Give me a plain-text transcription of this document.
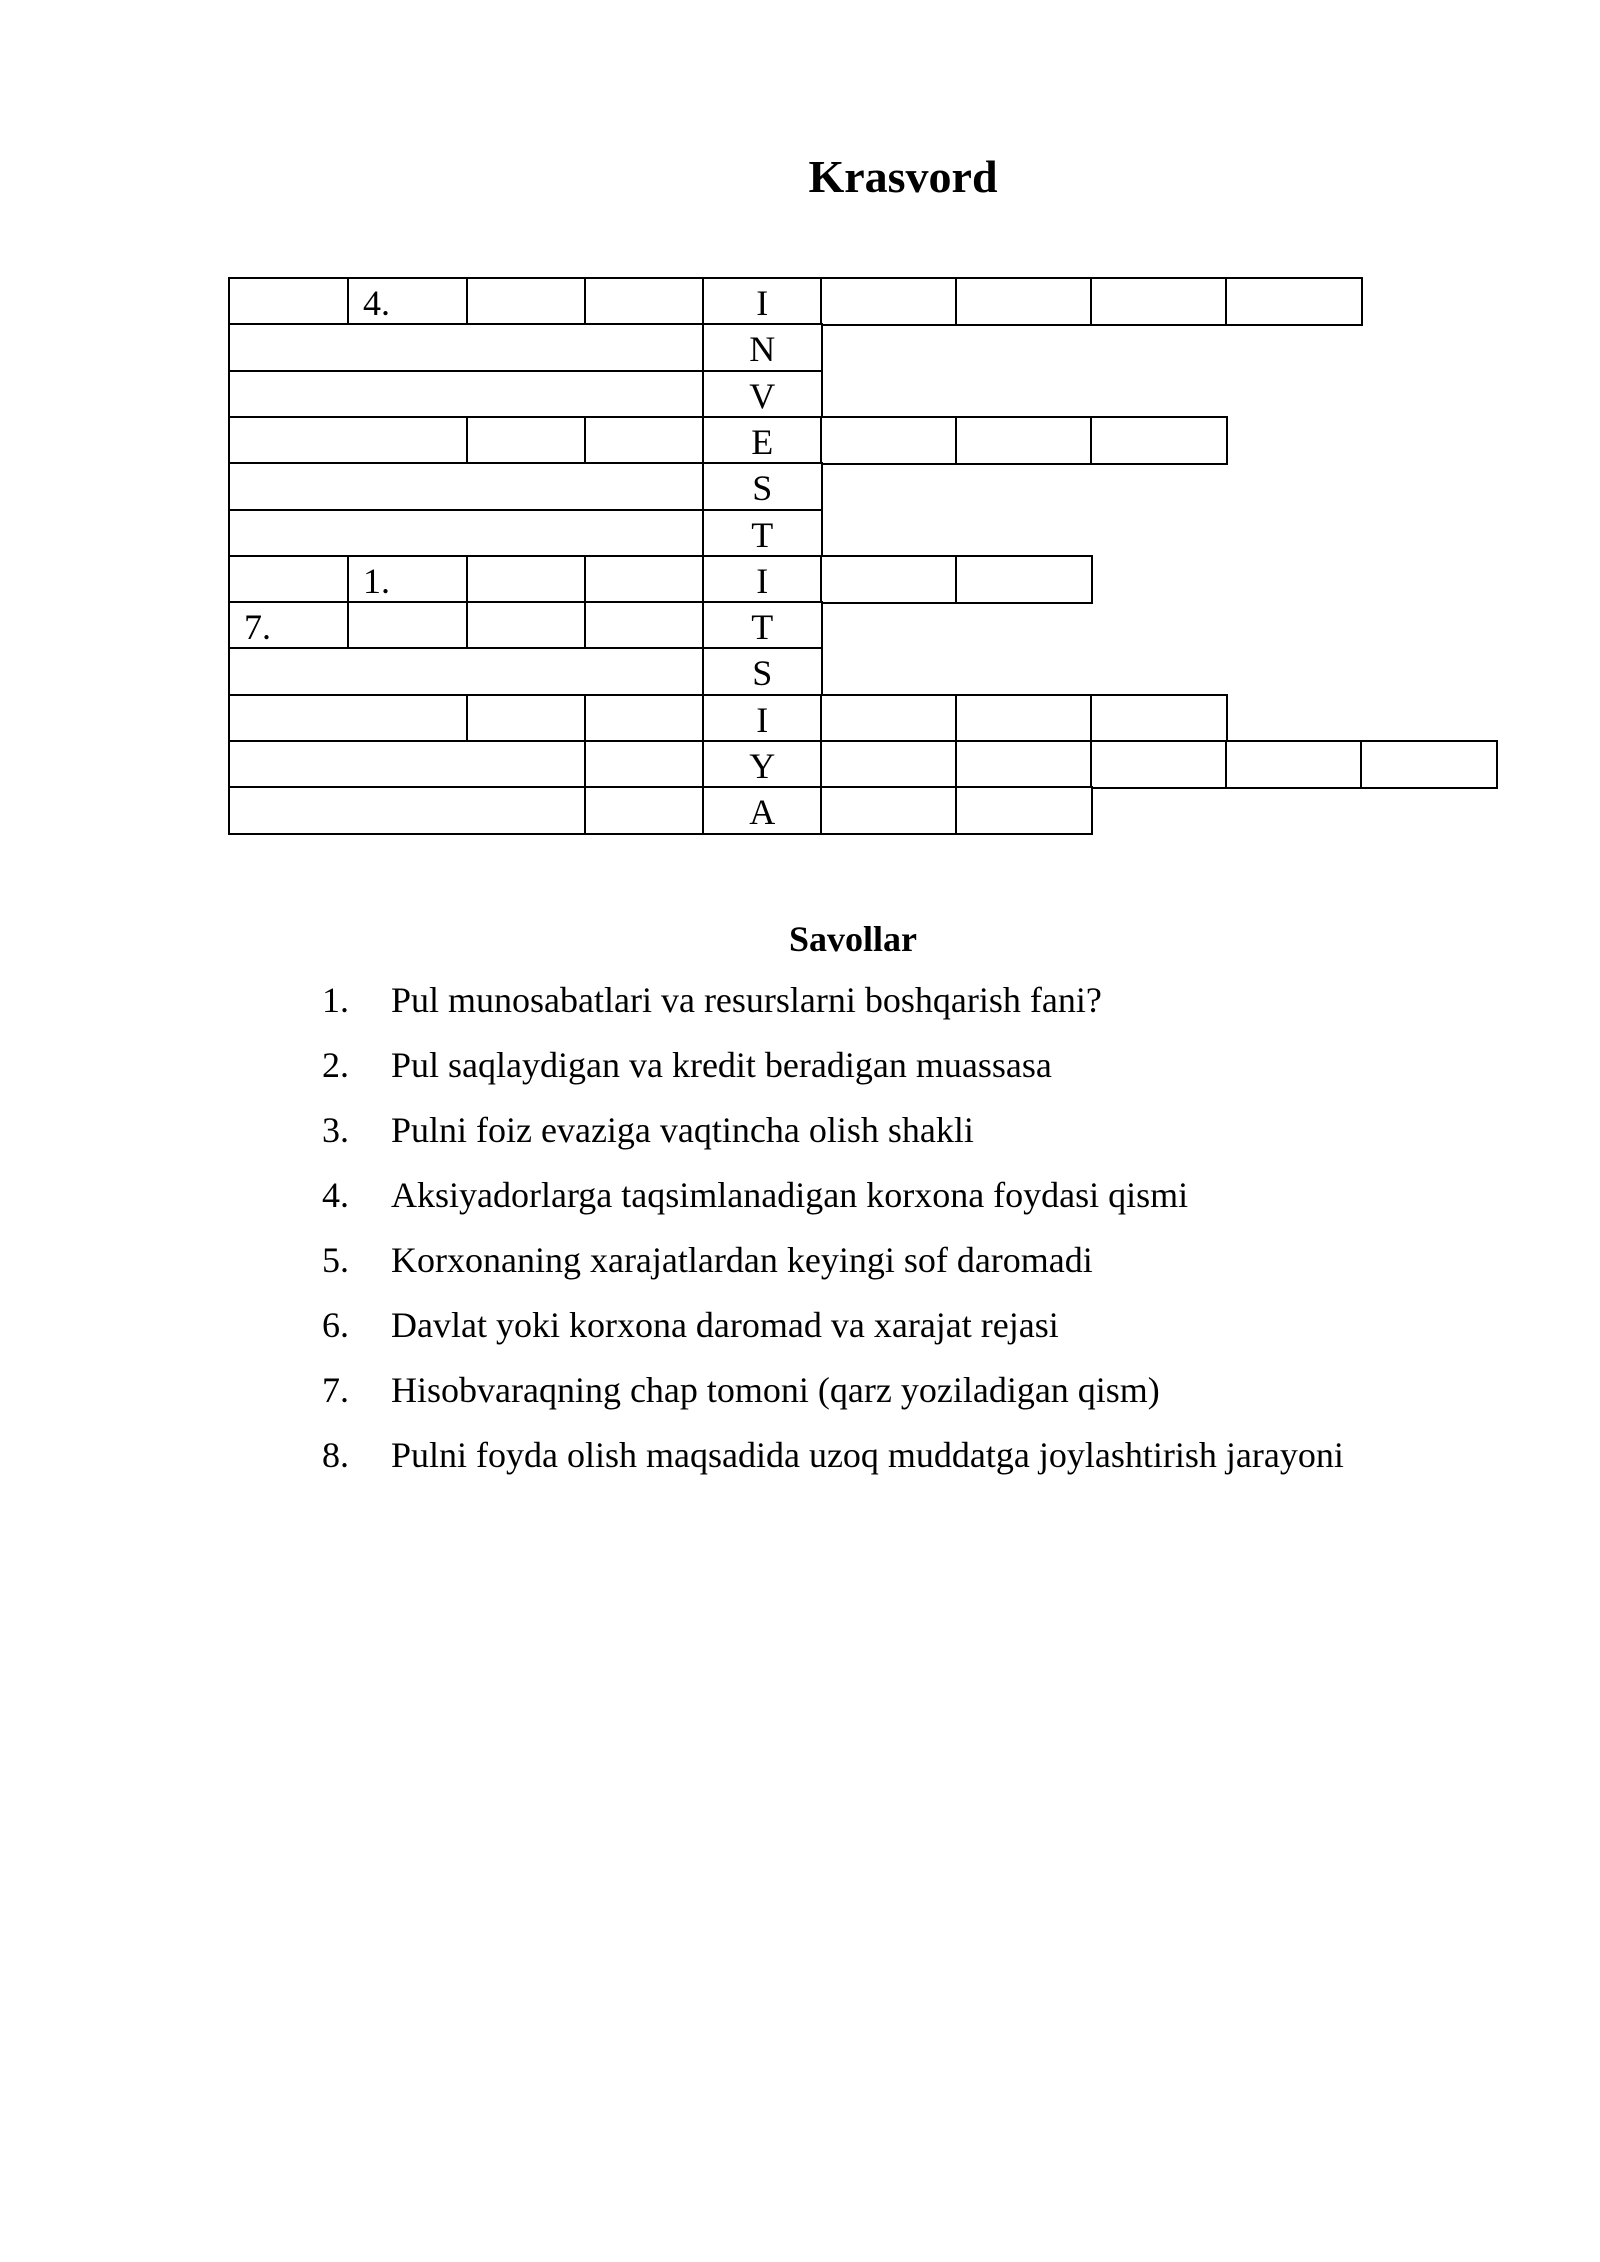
Krasvord
4.	I
N
V
E
S
T
1.	I
7.	T
S
I
Y
A
Savollar
1. Pul munosabatlari va resurslarni boshqarish fani?
2. Pul saqlaydigan va kredit beradigan muassasa
3. Pulni foiz evaziga vaqtincha olish shakli
4. Aksiyadorlarga taqsimlanadigan korxona foydasi qismi
5. Korxonaning xarajatlardan keyingi sof daromadi
6. Davlat yoki korxona daromad va xarajat rejasi
7. Hisobvaraqning chap tomoni (qarz yoziladigan qism)
8. Pulni foyda olish maqsadida uzoq muddatga joylashtirish jarayoni
